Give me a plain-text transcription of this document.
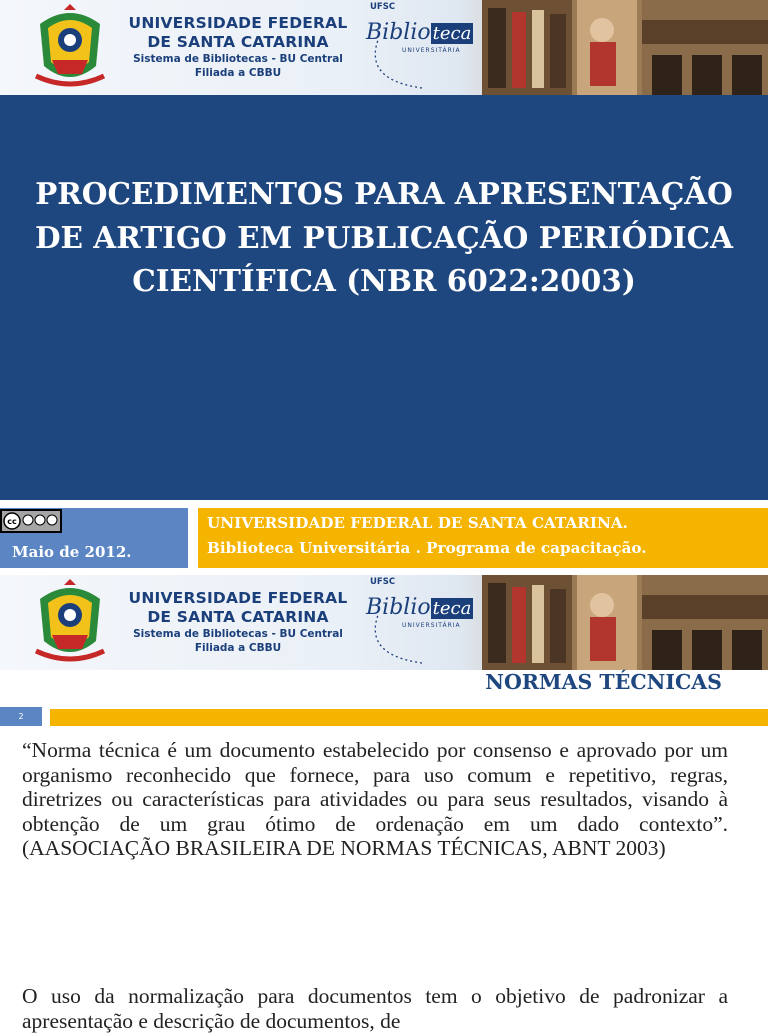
UNIVERSIDADE FEDERAL
DE SANTA CATARINA
Sistema de Bibliotecas - BU Central
Filiada a CBBU
UFSC
Biblio teca
UNIVERSITÁRIA
PROCEDIMENTOS PARA APRESENTAÇÃO DE ARTIGO EM PUBLICAÇÃO PERIÓDICA CIENTÍFICA (NBR 6022:2003)
cc
Maio de 2012.
UNIVERSIDADE FEDERAL DE SANTA CATARINA.
Biblioteca Universitária . Programa de capacitação.
UNIVERSIDADE FEDERAL
DE SANTA CATARINA
Sistema de Bibliotecas - BU Central
Filiada a CBBU
UFSC
Biblio teca
UNIVERSITÁRIA
NORMAS TÉCNICAS
2
“Norma técnica é um documento estabelecido por consenso e aprovado por um organismo reconhecido que fornece, para uso comum e repetitivo, regras, diretrizes ou características para atividades ou para seus resultados, visando à obtenção de um grau ótimo de ordenação em um dado contexto”. (AASOCIAÇÃO BRASILEIRA DE NORMAS TÉCNICAS, ABNT 2003)
O uso da normalização para documentos tem o objetivo de padronizar a apresentação e descrição de documentos, de
